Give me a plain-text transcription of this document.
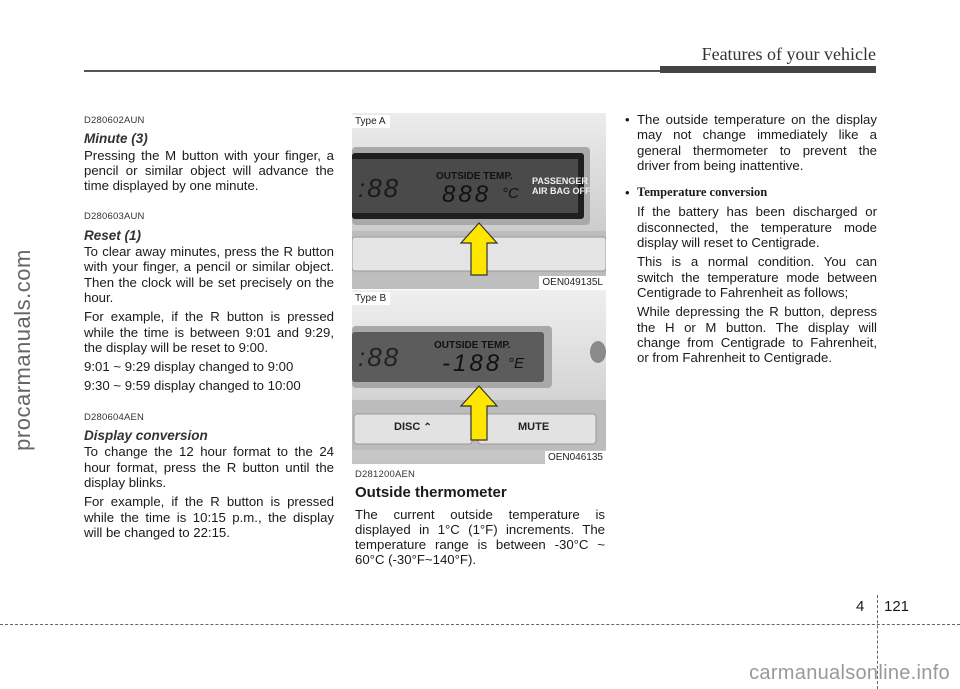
Features of your vehicle
procarmanuals.com
D280602AUN
Minute (3)

Pressing the M button with your finger, a pencil or similar object will advance the time displayed by one minute.

D280603AUN
Reset (1)

To clear away minutes, press the R button with your finger, a pencil or similar object. Then the clock will be set precisely on the hour.

For example, if the R button is pressed while the time is between 9:01 and 9:29, the display will be reset to 9:00.

9:01 ~ 9:29 display changed to 9:00

9:30 ~ 9:59 display changed to 10:00

D280604AEN
Display conversion

To change the 12 hour format to the 24 hour format, press the R button until the display blinks.

For example, if the R button is pressed while the time is 10:15 p.m., the display will be changed to 22:15.

Type A
:88	OUTSIDE TEMP.
888 °C
PASSENGER
AIR BAG OFF
OEN049135L
Type B
:88	OUTSIDE TEMP.
-188 °E
DISC ⌃	MUTE
OEN046135
D281200AEN
Outside thermometer

The current outside temperature is displayed in 1°C (1°F) increments. The temperature range is between -30°C ~ 60°C (-30°F~140°F).

• The outside temperature on the display may not change immediately like a general thermometer to prevent the driver from being inattentive.

• Temperature conversion

If the battery has been discharged or disconnected, the temperature mode display will reset to Centigrade.

This is a normal condition. You can switch the temperature mode between Centigrade to Fahrenheit as follows;

While depressing the R button, depress the H or M button. The display will change from Centigrade to Fahrenheit, or from Fahrenheit to Centigrade.

4 121
carmanualsonline.info
